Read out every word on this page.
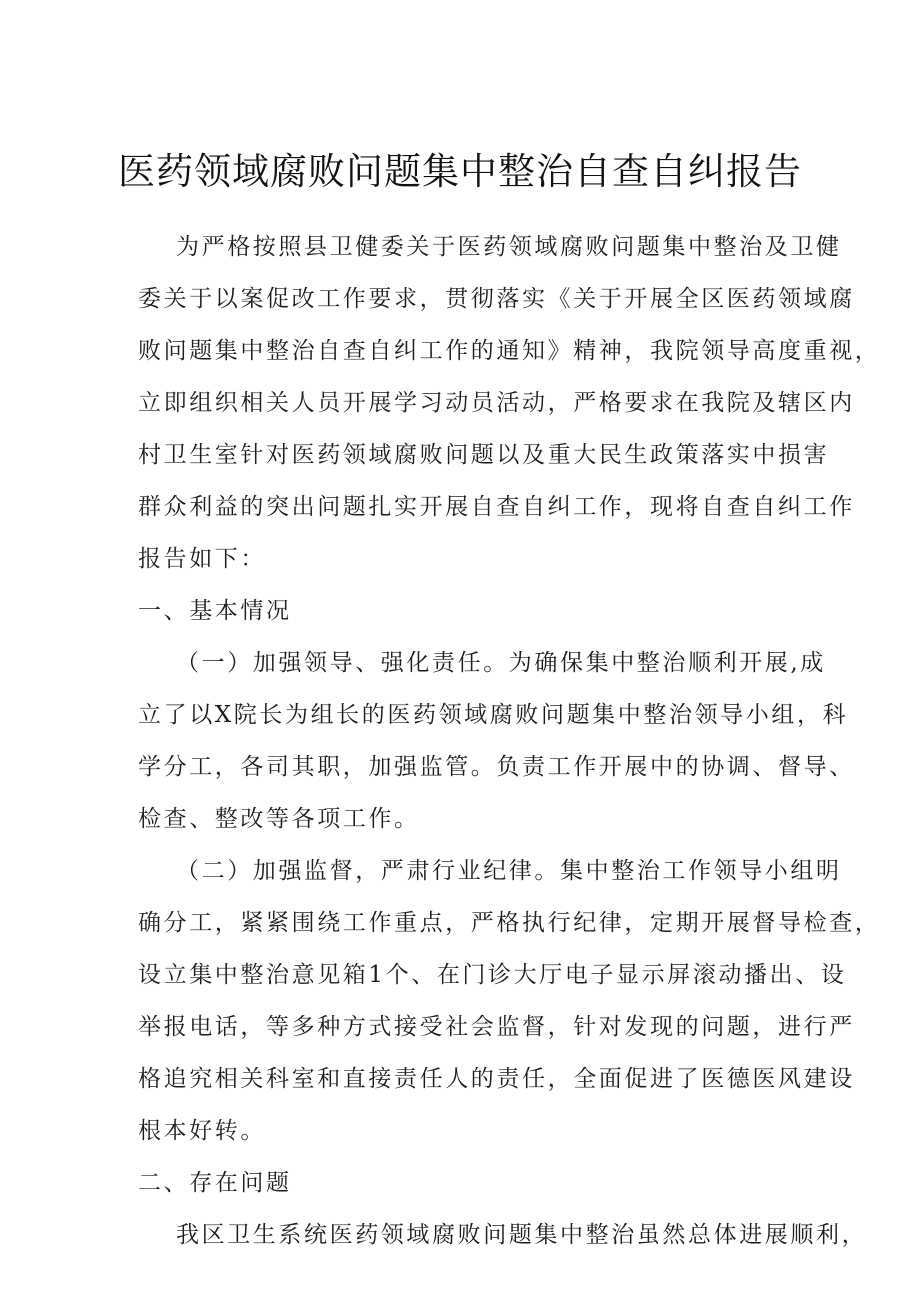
医药领域腐败问题集中整治自查自纠报告
为严格按照县卫健委关于医药领域腐败问题集中整治及卫健
委关于以案促改工作要求，贯彻落实《关于开展全区医药领域腐
败问题集中整治自查自纠工作的通知》精神，我院领导高度重视，
立即组织相关人员开展学习动员活动，严格要求在我院及辖区内
村卫生室针对医药领域腐败问题以及重大民生政策落实中损害
群众利益的突出问题扎实开展自查自纠工作，现将自查自纠工作
报告如下：
一、基本情况
（一）加强领导、强化责任。为确保集中整治顺利开展,成
立了以X院长为组长的医药领域腐败问题集中整治领导小组，科
学分工，各司其职，加强监管。负责工作开展中的协调、督导、
检查、整改等各项工作。
（二）加强监督，严肃行业纪律。集中整治工作领导小组明
确分工，紧紧围绕工作重点，严格执行纪律，定期开展督导检查，
设立集中整治意见箱1个、在门诊大厅电子显示屏滚动播出、设
举报电话，等多种方式接受社会监督，针对发现的问题，进行严
格追究相关科室和直接责任人的责任，全面促进了医德医风建设
根本好转。
二、存在问题
我区卫生系统医药领域腐败问题集中整治虽然总体进展顺利，
